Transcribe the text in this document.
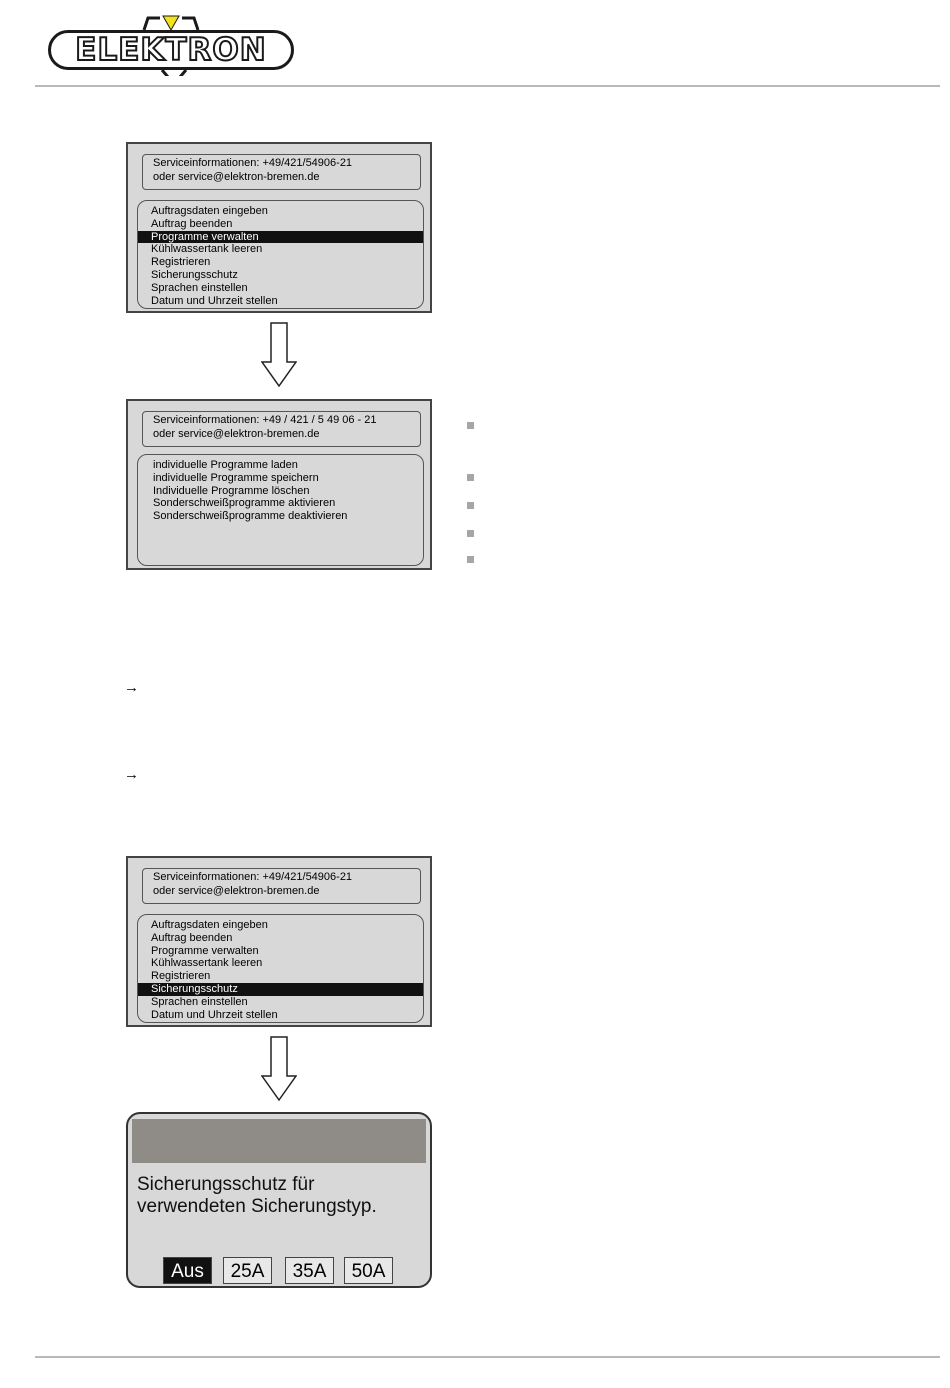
ELEKTRON
Serviceinformationen: +49/421/54906-21
oder service@elektron-bremen.de
Auftragsdaten eingeben
Auftrag beenden
Programme verwalten
Kühlwassertank leeren
Registrieren
Sicherungsschutz
Sprachen einstellen
Datum und Uhrzeit stellen
Serviceinformationen: +49 / 421 / 5 49 06 - 21
oder service@elektron-bremen.de
individuelle Programme laden
individuelle Programme speichern
Individuelle Programme löschen
Sonderschweißprogramme aktivieren
Sonderschweißprogramme deaktivieren
→
→
Serviceinformationen: +49/421/54906-21
oder service@elektron-bremen.de
Auftragsdaten eingeben
Auftrag beenden
Programme verwalten
Kühlwassertank leeren
Registrieren
Sicherungsschutz
Sprachen einstellen
Datum und Uhrzeit stellen
Sicherungsschutz für
verwendeten Sicherungstyp.
Aus	25A	35A	50A
